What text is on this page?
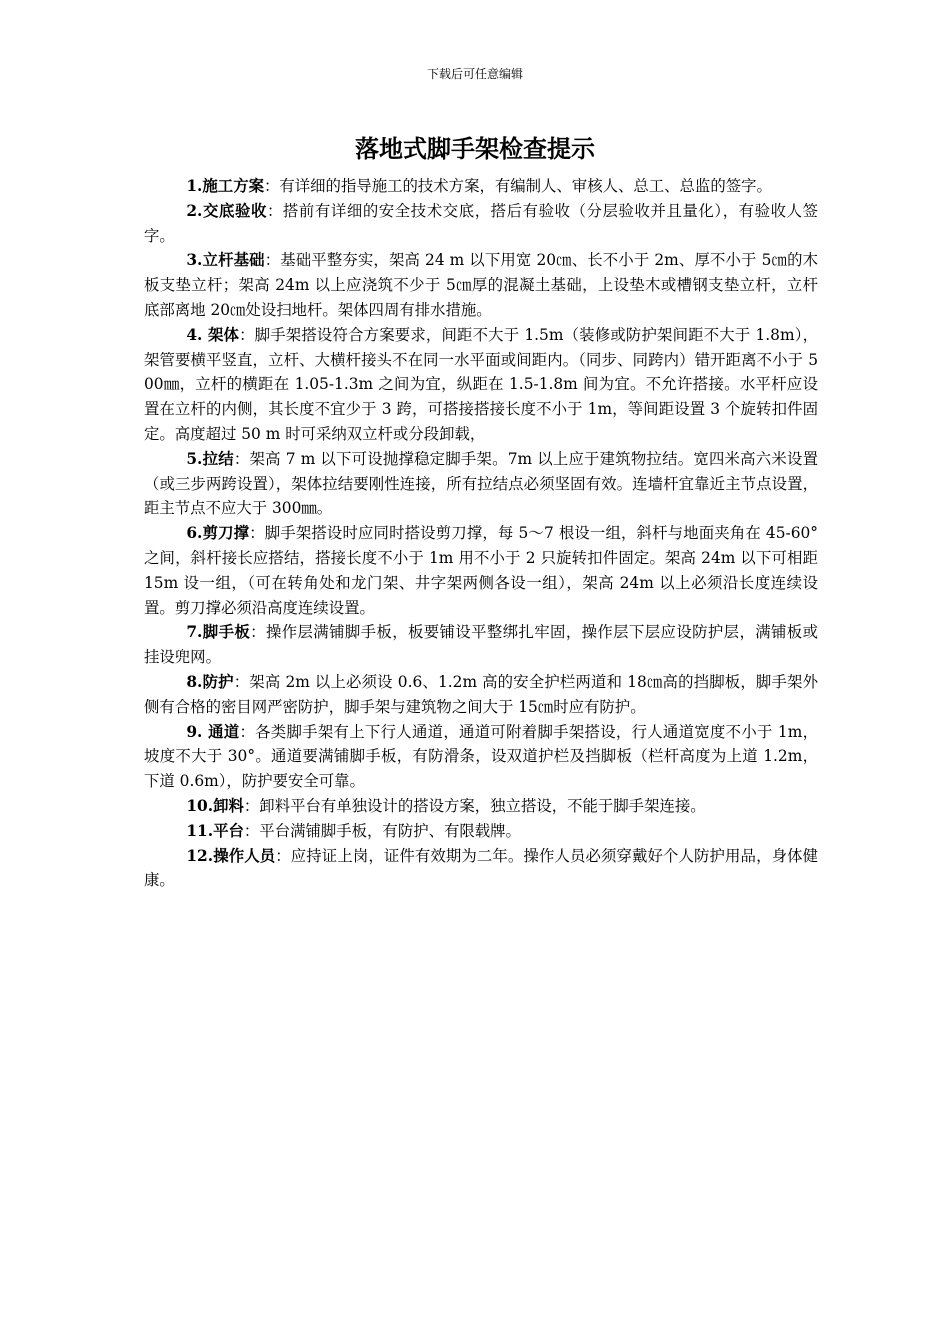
下载后可任意编辑
落地式脚手架检查提示

1.施工方案：有详细的指导施工的技术方案，有编制人、审核人、总工、总监的签字。

2.交底验收：搭前有详细的安全技术交底，搭后有验收（分层验收并且量化），有验收人签字。

3.立杆基础：基础平整夯实，架高 24 m 以下用宽 20㎝、长不小于 2m、厚不小于 5㎝的木板支垫立杆；架高 24m 以上应浇筑不少于 5㎝厚的混凝土基础，上设垫木或槽钢支垫立杆，立杆底部离地 20㎝处设扫地杆。架体四周有排水措施。

4. 架体：脚手架搭设符合方案要求，间距不大于 1.5m（装修或防护架间距不大于 1.8m），架管要横平竖直，立杆、大横杆接头不在同一水平面或间距内。（同步、同跨内）错开距离不小于 500㎜，立杆的横距在 1.05-1.3m 之间为宜，纵距在 1.5-1.8m 间为宜。不允许搭接。水平杆应设置在立杆的内侧，其长度不宜少于 3 跨，可搭接搭接长度不小于 1m，等间距设置 3 个旋转扣件固定。高度超过 50 m 时可采纳双立杆或分段卸载，

5.拉结：架高 7 m 以下可设抛撑稳定脚手架。7m 以上应于建筑物拉结。宽四米高六米设置（或三步两跨设置），架体拉结要刚性连接，所有拉结点必须坚固有效。连墙杆宜靠近主节点设置，距主节点不应大于 300㎜。

6.剪刀撑：脚手架搭设时应同时搭设剪刀撑，每 5～7 根设一组，斜杆与地面夹角在 45-60°之间，斜杆接长应搭结，搭接长度不小于 1m 用不小于 2 只旋转扣件固定。架高 24m 以下可相距 15m 设一组，（可在转角处和龙门架、井字架两侧各设一组），架高 24m 以上必须沿长度连续设置。剪刀撑必须沿高度连续设置。

7.脚手板：操作层满铺脚手板，板要铺设平整绑扎牢固，操作层下层应设防护层，满铺板或挂设兜网。

8.防护：架高 2m 以上必须设 0.6、1.2m 高的安全护栏两道和 18㎝高的挡脚板，脚手架外侧有合格的密目网严密防护，脚手架与建筑物之间大于 15㎝时应有防护。

9. 通道：各类脚手架有上下行人通道，通道可附着脚手架搭设，行人通道宽度不小于 1m，坡度不大于 30°。通道要满铺脚手板，有防滑条，设双道护栏及挡脚板（栏杆高度为上道 1.2m，下道 0.6m），防护要安全可靠。

10.卸料：卸料平台有单独设计的搭设方案，独立搭设，不能于脚手架连接。

11.平台：平台满铺脚手板，有防护、有限载牌。

12.操作人员：应持证上岗，证件有效期为二年。操作人员必须穿戴好个人防护用品，身体健康。
